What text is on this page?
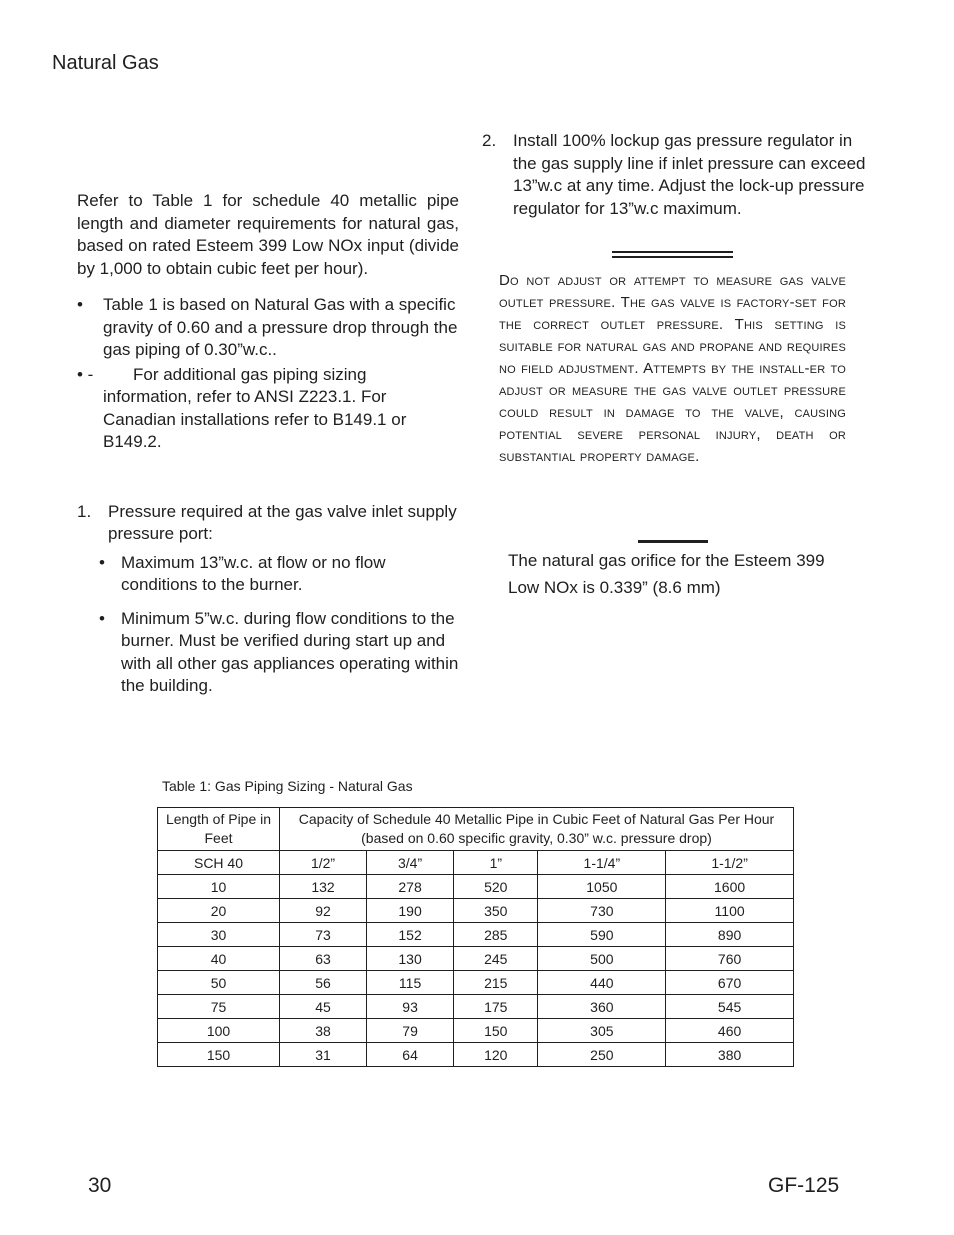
Natural Gas

Refer to Table 1 for schedule 40 metallic pipe length and diameter requirements for natural gas, based on rated Esteem 399 Low NOx input (divide by 1,000 to obtain cubic feet per hour).

• Table 1 is based on Natural Gas with a specific gravity of 0.60 and a pressure drop through the gas piping of 0.30”w.c..
• -	For additional gas piping sizing information, refer to ANSI Z223.1. For Canadian installations refer to B149.1 or B149.2.
1. Pressure required at the gas valve inlet supply pressure port:
• Maximum 13”w.c. at flow or no flow conditions to the burner.
• Minimum 5”w.c. during flow conditions to the burner. Must be verified during start up and with all other gas appliances operating within the building.
2. Install 100% lockup gas pressure regulator in the gas supply line if inlet pressure can exceed 13”w.c at any time. Adjust the lock-up pressure regulator for 13”w.c maximum.

Do not adjust or attempt to measure gas valve outlet pressure. The gas valve is factory-set for the correct outlet pressure. This setting is suitable for natural gas and propane and requires no field adjustment. Attempts by the install-er to adjust or measure the gas valve outlet pressure could result in damage to the valve, causing potential severe personal injury, death or substantial property damage.

The natural gas orifice for the Esteem 399 Low NOx is 0.339” (8.6 mm)

Table 1: Gas Piping Sizing - Natural Gas
Length of Pipe in Feet	Capacity of Schedule 40 Metallic Pipe in Cubic Feet of Natural Gas Per Hour (based on 0.60 specific gravity, 0.30” w.c. pressure drop)				
SCH 40	1/2”	3/4”	1”	1-1/4”	1-1/2”
10	132	278	520	1050	1600
20	92	190	350	730	1100
30	73	152	285	590	890
40	63	130	245	500	760
50	56	115	215	440	670
75	45	93	175	360	545
100	38	79	150	305	460
150	31	64	120	250	380
30	GF-125
